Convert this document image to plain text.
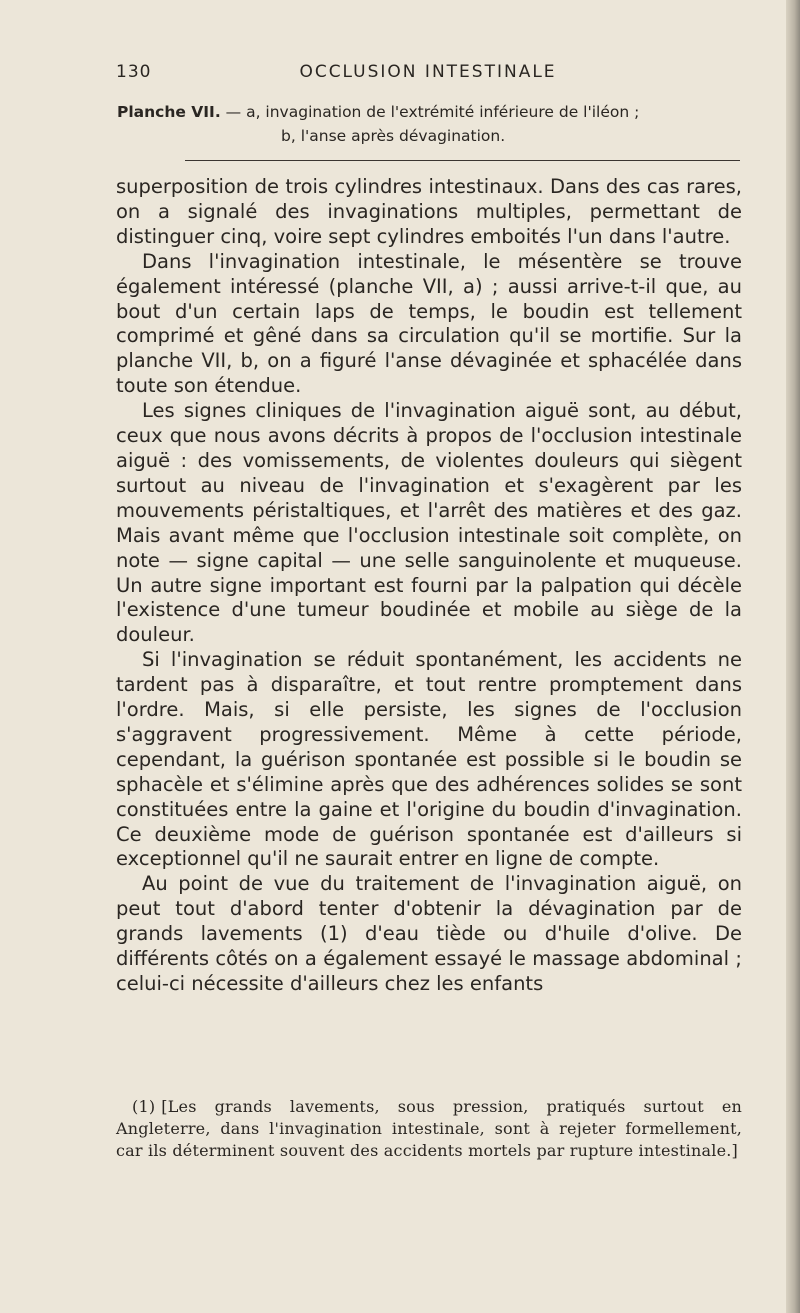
130	OCCLUSION INTESTINALE
Planche VII. — a, invagination de l'extrémité inférieure de l'iléon ;
b, l'anse après dévagination.

superposition de trois cylindres intestinaux. Dans des cas rares, on a signalé des invaginations multiples, permettant de distinguer cinq, voire sept cylindres emboités l'un dans l'autre.

Dans l'invagination intestinale, le mésentère se trouve également intéressé (planche VII, a) ; aussi arrive-t-il que, au bout d'un certain laps de temps, le boudin est tellement comprimé et gêné dans sa circulation qu'il se mortifie. Sur la planche VII, b, on a figuré l'anse dévaginée et sphacélée dans toute son étendue.

Les signes cliniques de l'invagination aiguë sont, au début, ceux que nous avons décrits à propos de l'occlusion intestinale aiguë : des vomissements, de violentes douleurs qui siègent surtout au niveau de l'invagination et s'exagèrent par les mouvements péristaltiques, et l'arrêt des matières et des gaz. Mais avant même que l'occlusion intestinale soit complète, on note — signe capital — une selle sanguinolente et muqueuse. Un autre signe important est fourni par la palpation qui décèle l'existence d'une tumeur boudinée et mobile au siège de la douleur.

Si l'invagination se réduit spontanément, les accidents ne tardent pas à disparaître, et tout rentre promptement dans l'ordre. Mais, si elle persiste, les signes de l'occlusion s'aggravent progressivement. Même à cette période, cependant, la guérison spontanée est possible si le boudin se sphacèle et s'élimine après que des adhérences solides se sont constituées entre la gaine et l'origine du boudin d'invagination. Ce deuxième mode de guérison spontanée est d'ailleurs si exceptionnel qu'il ne saurait entrer en ligne de compte.

Au point de vue du traitement de l'invagination aiguë, on peut tout d'abord tenter d'obtenir la dévagination par de grands lavements (1) d'eau tiède ou d'huile d'olive. De différents côtés on a également essayé le massage abdominal ; celui-ci nécessite d'ailleurs chez les enfants

(1) [Les grands lavements, sous pression, pratiqués surtout en Angleterre, dans l'invagination intestinale, sont à rejeter formellement, car ils déterminent souvent des accidents mortels par rupture intestinale.]
